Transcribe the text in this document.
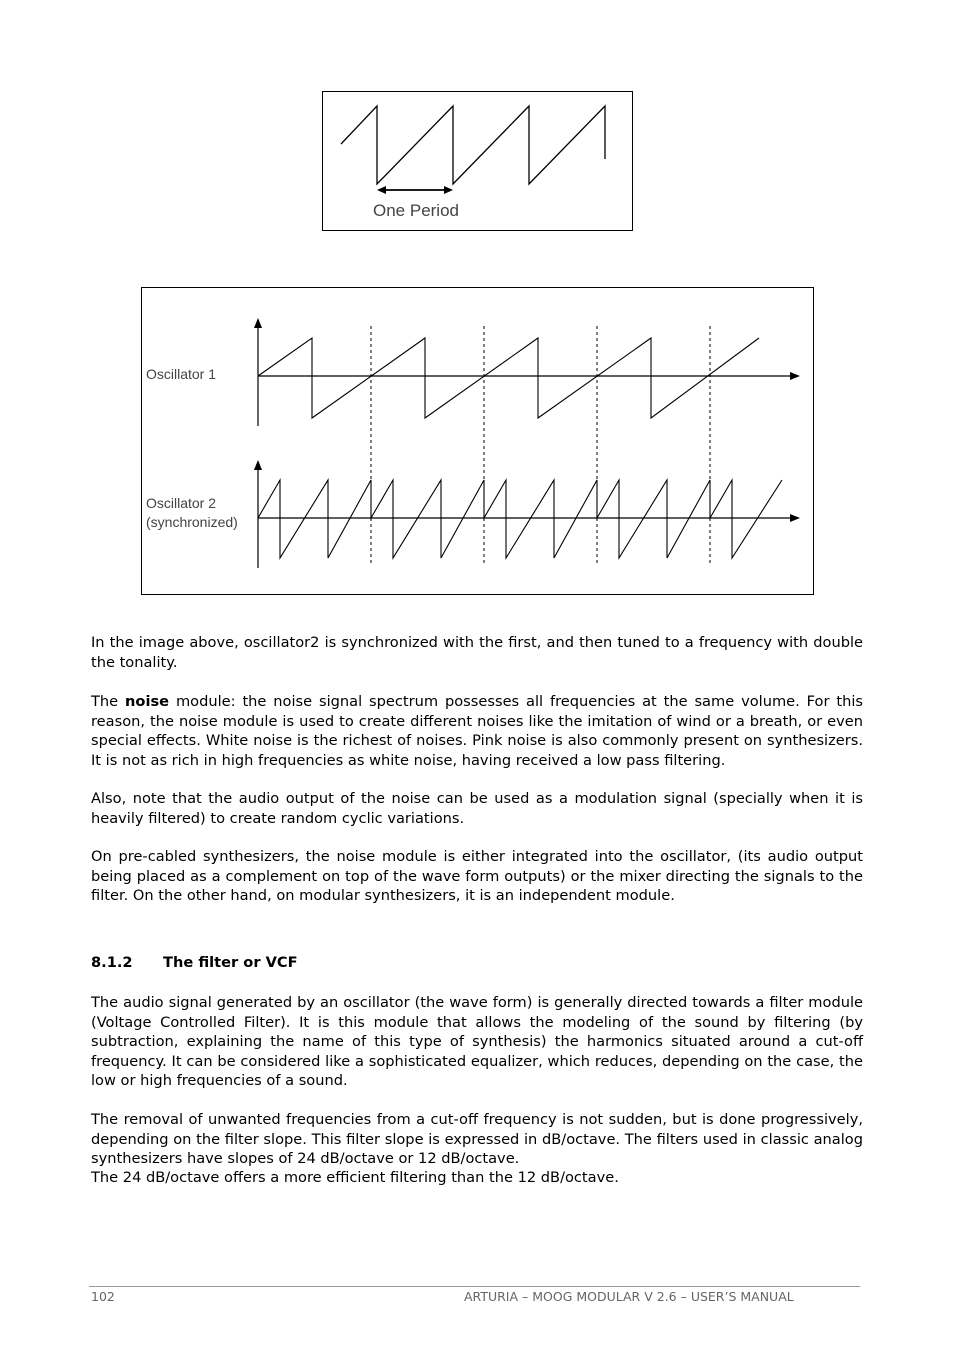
One Period
Oscillator 1
Oscillator 2
(synchronized)

In the image above, oscillator2 is synchronized with the first, and then tuned to a frequency with double the tonality.

The noise module: the noise signal spectrum possesses all frequencies at the same volume. For this reason, the noise module is used to create different noises like the imitation of wind or a breath, or even special effects. White noise is the richest of noises. Pink noise is also commonly present on synthesizers. It is not as rich in high frequencies as white noise, having received a low pass filtering.

Also, note that the audio output of the noise can be used as a modulation signal (specially when it is heavily filtered) to create random cyclic variations.

On pre-cabled synthesizers, the noise module is either integrated into the oscillator, (its audio output being placed as a complement on top of the wave form outputs) or the mixer directing the signals to the filter. On the other hand, on modular synthesizers, it is an independent module.

8.1.2 The filter or VCF

The audio signal generated by an oscillator (the wave form) is generally directed towards a filter module (Voltage Controlled Filter). It is this module that allows the modeling of the sound by filtering (by subtraction, explaining the name of this type of synthesis) the harmonics situated around a cut-off frequency. It can be considered like a sophisticated equalizer, which reduces, depending on the case, the low or high frequencies of a sound.

The removal of unwanted frequencies from a cut-off frequency is not sudden, but is done progressively, depending on the filter slope. This filter slope is expressed in dB/octave. The filters used in classic analog synthesizers have slopes of 24 dB/octave or 12 dB/octave.

The 24 dB/octave offers a more efficient filtering than the 12 dB/octave.

102	ARTURIA – MOOG MODULAR V 2.6 – USER’S MANUAL
